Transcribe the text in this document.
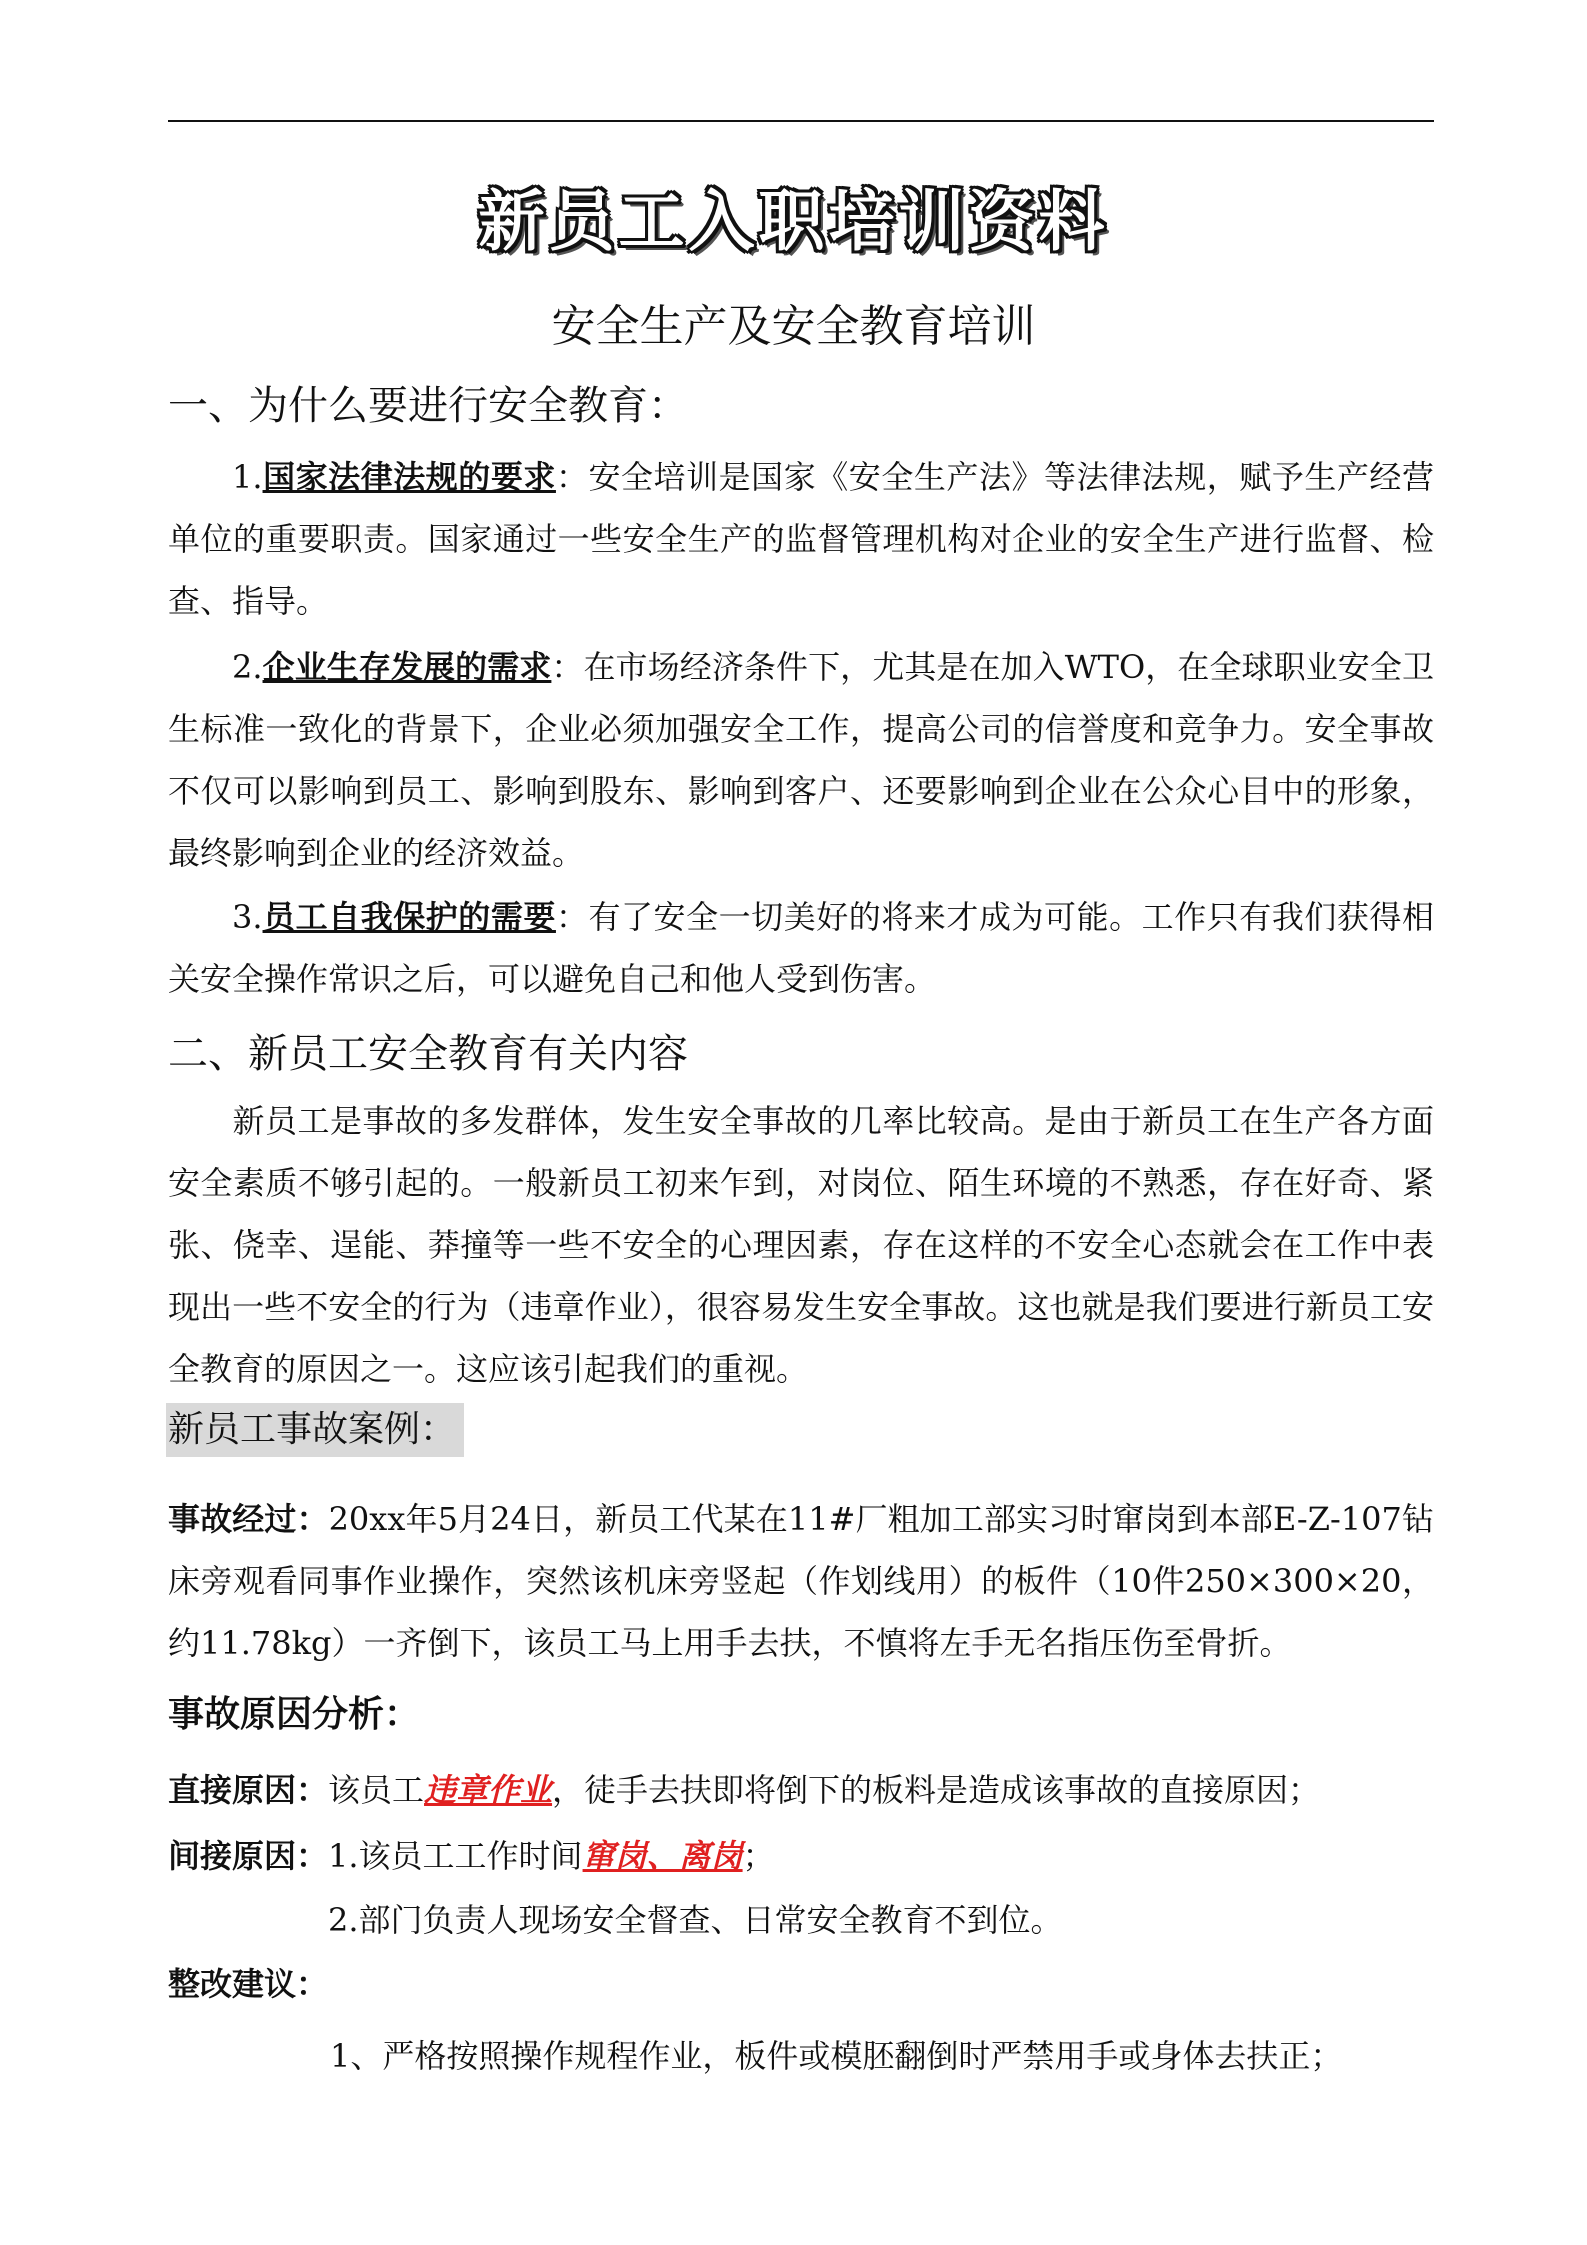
新员工入职培训资料
安全生产及安全教育培训
一、为什么要进行安全教育：
1.国家法律法规的要求：安全培训是国家《安全生产法》等法律法规，赋予生产经营单位的重要职责。国家通过一些安全生产的监督管理机构对企业的安全生产进行监督、检查、指导。
2.企业生存发展的需求：在市场经济条件下，尤其是在加入WTO，在全球职业安全卫生标准一致化的背景下，企业必须加强安全工作，提高公司的信誉度和竞争力。安全事故不仅可以影响到员工、影响到股东、影响到客户、还要影响到企业在公众心目中的形象，最终影响到企业的经济效益。
3.员工自我保护的需要：有了安全一切美好的将来才成为可能。工作只有我们获得相关安全操作常识之后，可以避免自己和他人受到伤害。
二、新员工安全教育有关内容
新员工是事故的多发群体，发生安全事故的几率比较高。是由于新员工在生产各方面安全素质不够引起的。一般新员工初来乍到，对岗位、陌生环境的不熟悉，存在好奇、紧张、侥幸、逞能、莽撞等一些不安全的心理因素，存在这样的不安全心态就会在工作中表现出一些不安全的行为（违章作业），很容易发生安全事故。这也就是我们要进行新员工安全教育的原因之一。这应该引起我们的重视。
新员工事故案例：
事故经过：20xx年5月24日，新员工代某在11#厂粗加工部实习时窜岗到本部E-Z-107钻床旁观看同事作业操作，突然该机床旁竖起（作划线用）的板件（10件250×300×20，约11.78kg）一齐倒下，该员工马上用手去扶，不慎将左手无名指压伤至骨折。
事故原因分析：
直接原因：该员工违章作业，徒手去扶即将倒下的板料是造成该事故的直接原因；
间接原因：1.该员工工作时间窜岗、离岗；
2.部门负责人现场安全督查、日常安全教育不到位。
整改建议：
1、严格按照操作规程作业，板件或模胚翻倒时严禁用手或身体去扶正；
